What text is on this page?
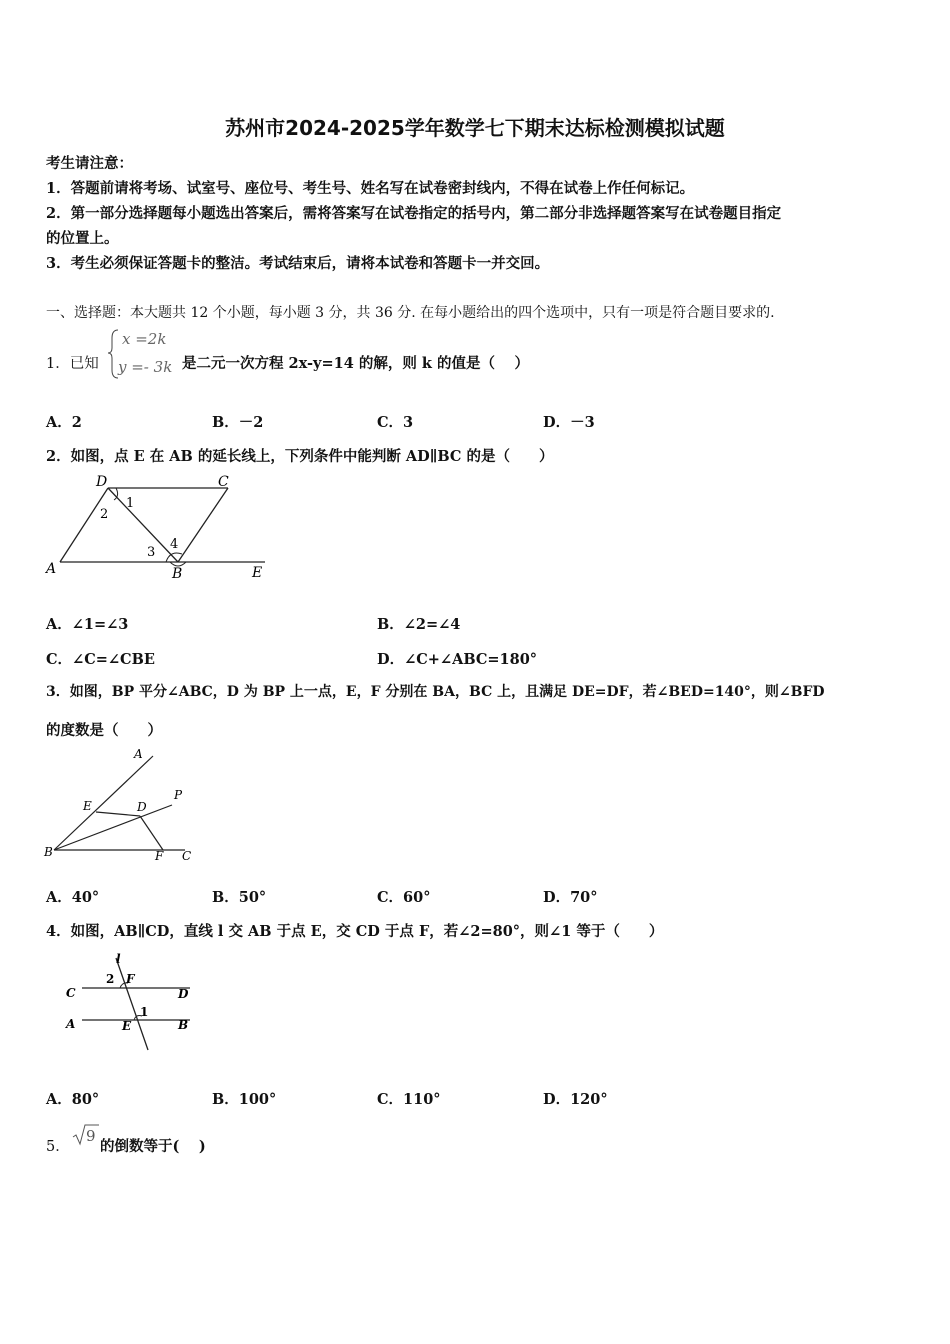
苏州市2024-2025学年数学七下期末达标检测模拟试题
考生请注意：
1．答题前请将考场、试室号、座位号、考生号、姓名写在试卷密封线内，不得在试卷上作任何标记。
2．第一部分选择题每小题选出答案后，需将答案写在试卷指定的括号内，第二部分非选择题答案写在试卷题目指定
的位置上。
3．考生必须保证答题卡的整洁。考试结束后，请将本试卷和答题卡一并交回。
一、选择题：本大题共 12 个小题，每小题 3 分，共 36 分. 在每小题给出的四个选项中，只有一项是符合题目要求的.
1．已知
x =2k
y =- 3k 是二元一次方程 2x-y=14 的解，则 k 的值是（　 ）
A．2	B．－2	C．3	D．－3
2．如图，点 E 在 AB 的延长线上，下列条件中能判断 AD∥BC 的是（　　）
D	C
A	B	E
1
2
3
4
A．∠1=∠3	B．∠2=∠4
C．∠C=∠CBE	D．∠C+∠ABC=180°
3．如图，BP 平分∠ABC，D 为 BP 上一点，E，F 分别在 BA，BC 上，且满足 DE=DF，若∠BED=140°，则∠BFD
的度数是（　　）
A
E	D
P
B	F C
A．40°	B．50°	C．60°	D．70°
4．如图，AB∥CD，直线 l 交 AB 于点 E，交 CD 于点 F，若∠2=80°，则∠1 等于（　　）
l
2 F
C	D
A	E
1
B
A．80°	B．100°	C．110°	D．120°
5．
9
的倒数等于(　 )
